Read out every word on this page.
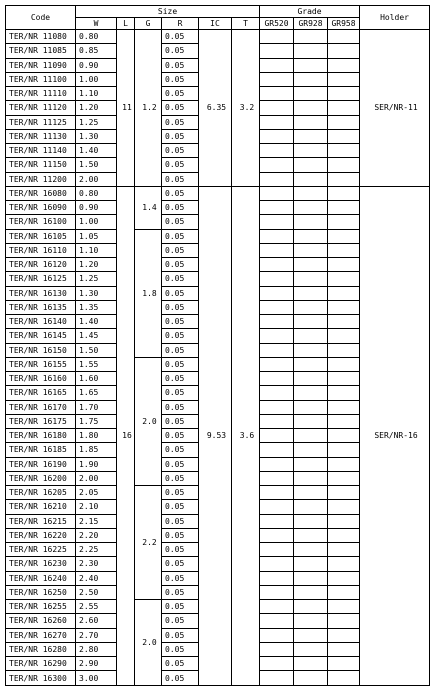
Code	Size						Grade			Holder
	W	L	G	R	IC	T	GR520	GR928	GR958	
TER/NR 11080	0.80	11	1.2	0.05	6.35	3.2				SER/NR-11
TER/NR 11085	0.85			0.05						
TER/NR 11090	0.90			0.05						
TER/NR 11100	1.00			0.05						
TER/NR 11110	1.10			0.05						
TER/NR 11120	1.20			0.05						
TER/NR 11125	1.25			0.05						
TER/NR 11130	1.30			0.05						
TER/NR 11140	1.40			0.05						
TER/NR 11150	1.50			0.05						
TER/NR 11200	2.00			0.05						
TER/NR 16080	0.80	16	1.4	0.05	9.53	3.6				SER/NR-16
TER/NR 16090	0.90			0.05						
TER/NR 16100	1.00			0.05						
TER/NR 16105	1.05		1.8	0.05						
TER/NR 16110	1.10			0.05						
TER/NR 16120	1.20			0.05						
TER/NR 16125	1.25			0.05						
TER/NR 16130	1.30			0.05						
TER/NR 16135	1.35			0.05						
TER/NR 16140	1.40			0.05						
TER/NR 16145	1.45			0.05						
TER/NR 16150	1.50			0.05						
TER/NR 16155	1.55		2.0	0.05						
TER/NR 16160	1.60			0.05						
TER/NR 16165	1.65			0.05						
TER/NR 16170	1.70			0.05						
TER/NR 16175	1.75			0.05						
TER/NR 16180	1.80			0.05						
TER/NR 16185	1.85			0.05						
TER/NR 16190	1.90			0.05						
TER/NR 16200	2.00			0.05						
TER/NR 16205	2.05		2.2	0.05						
TER/NR 16210	2.10			0.05						
TER/NR 16215	2.15			0.05						
TER/NR 16220	2.20			0.05						
TER/NR 16225	2.25			0.05						
TER/NR 16230	2.30			0.05						
TER/NR 16240	2.40			0.05						
TER/NR 16250	2.50			0.05						
TER/NR 16255	2.55		2.0	0.05						
TER/NR 16260	2.60			0.05						
TER/NR 16270	2.70			0.05						
TER/NR 16280	2.80			0.05						
TER/NR 16290	2.90			0.05						
TER/NR 16300	3.00			0.05						
